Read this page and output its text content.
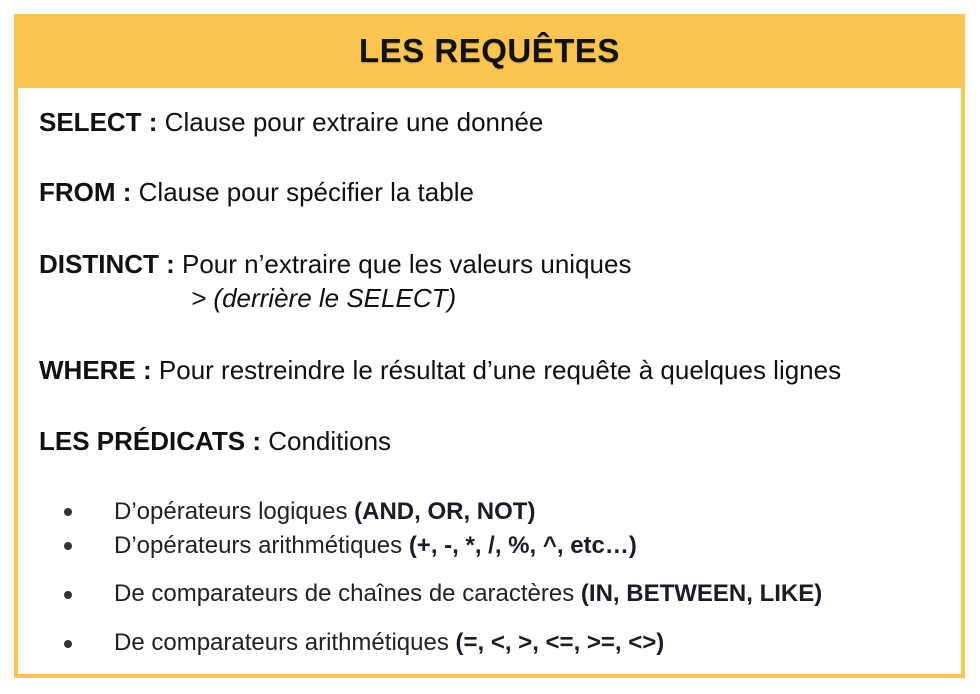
LES REQUÊTES
SELECT : Clause pour extraire une donnée
FROM : Clause pour spécifier la table
DISTINCT : Pour n’extraire que les valeurs uniques
> (derrière le SELECT)
WHERE : Pour restreindre le résultat d’une requête à quelques lignes
LES PRÉDICATS : Conditions
D’opérateurs logiques (AND, OR, NOT)
D’opérateurs arithmétiques (+, -, *, /, %, ^, etc…)
De comparateurs de chaînes de caractères (IN, BETWEEN, LIKE)
De comparateurs arithmétiques (=, <, >, <=, >=, <>)
